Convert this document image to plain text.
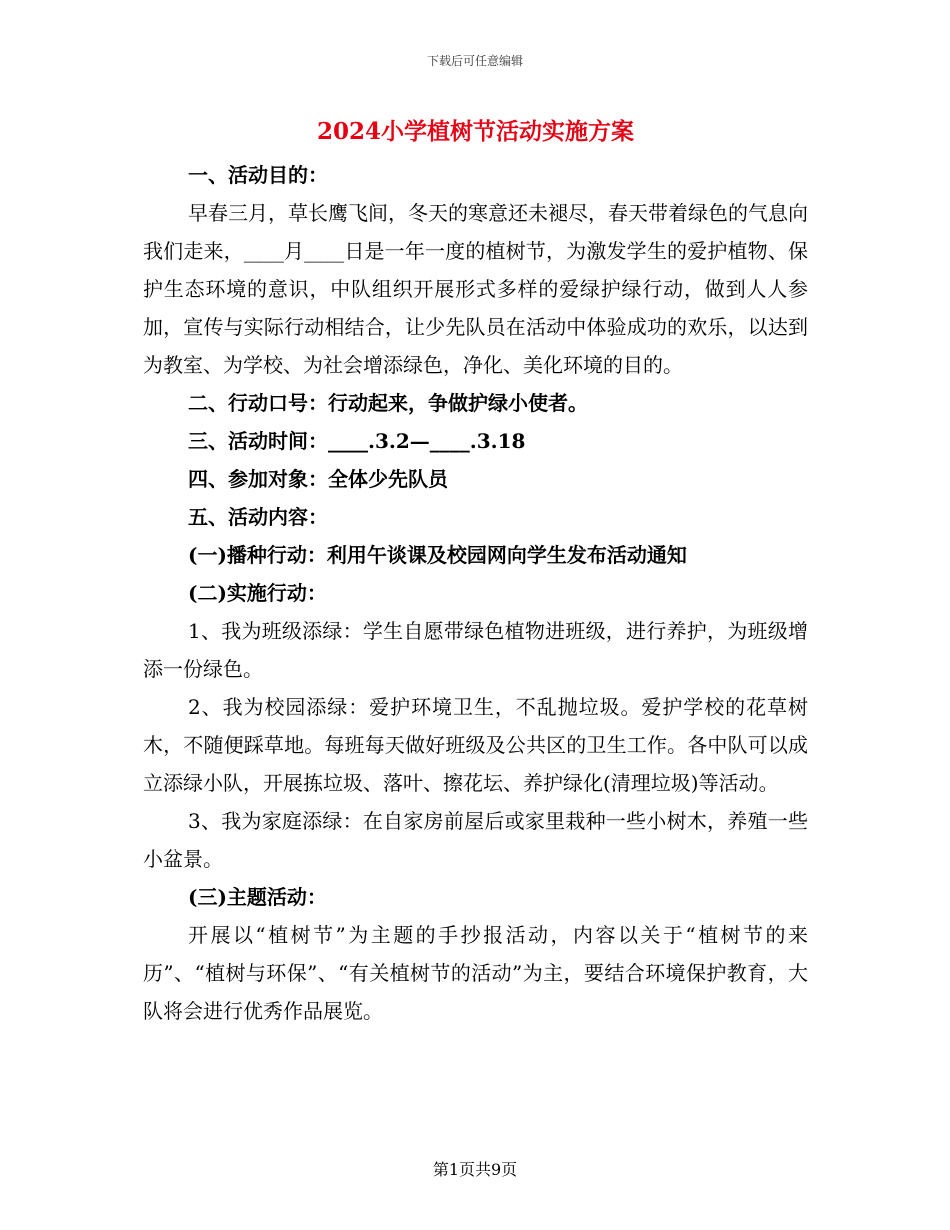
下载后可任意编辑
2024小学植树节活动实施方案

一、活动目的：

早春三月，草长鹰飞间，冬天的寒意还未褪尽，春天带着绿色的气息向我们走来，____月____日是一年一度的植树节，为激发学生的爱护植物、保护生态环境的意识，中队组织开展形式多样的爱绿护绿行动，做到人人参加，宣传与实际行动相结合，让少先队员在活动中体验成功的欢乐，以达到为教室、为学校、为社会增添绿色，净化、美化环境的目的。

二、行动口号：行动起来，争做护绿小使者。

三、活动时间：____.3.2—____.3.18

四、参加对象：全体少先队员

五、活动内容：

(一)播种行动：利用午谈课及校园网向学生发布活动通知

(二)实施行动：

1、我为班级添绿：学生自愿带绿色植物进班级，进行养护，为班级增添一份绿色。

2、我为校园添绿：爱护环境卫生，不乱抛垃圾。爱护学校的花草树木，不随便踩草地。每班每天做好班级及公共区的卫生工作。各中队可以成立添绿小队，开展拣垃圾、落叶、擦花坛、养护绿化(清理垃圾)等活动。

3、我为家庭添绿：在自家房前屋后或家里栽种一些小树木，养殖一些小盆景。

(三)主题活动：

开展以“植树节”为主题的手抄报活动，内容以关于“植树节的来历”、“植树与环保”、“有关植树节的活动”为主，要结合环境保护教育，大队将会进行优秀作品展览。

第1页共9页
